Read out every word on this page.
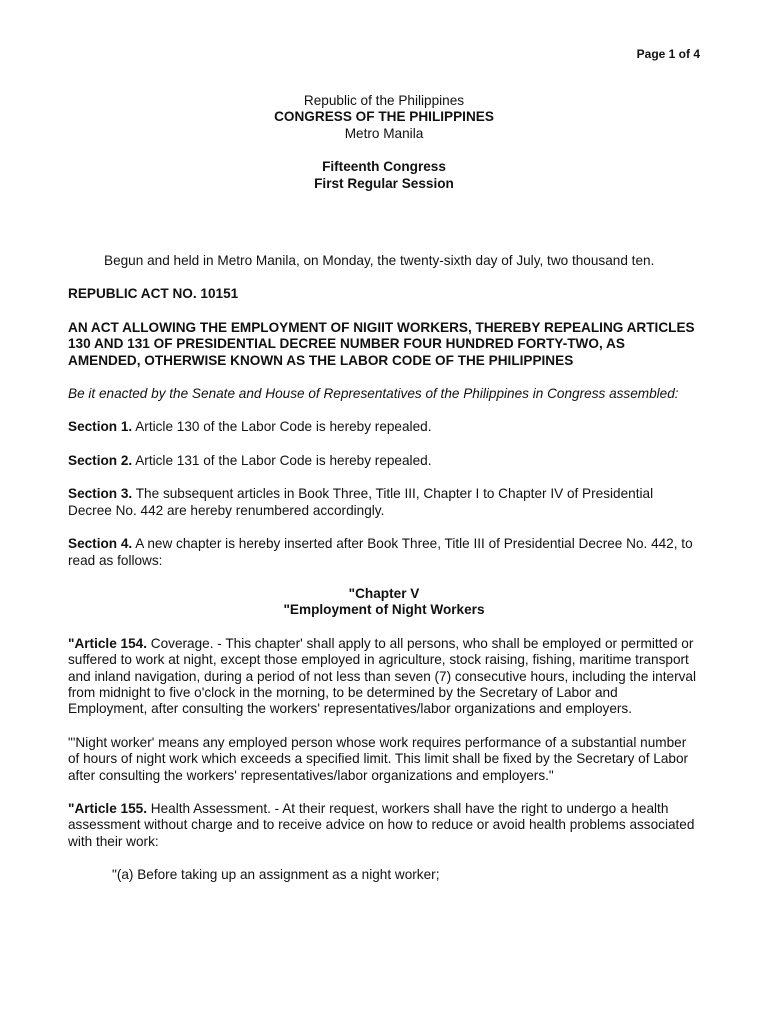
Page 1 of 4

Republic of the Philippines

CONGRESS OF THE PHILIPPINES

Metro Manila

Fifteenth Congress

First Regular Session

Begun and held in Metro Manila, on Monday, the twenty-sixth day of July, two thousand ten.

REPUBLIC ACT NO. 10151

AN ACT ALLOWING THE EMPLOYMENT OF NIGIIT WORKERS, THEREBY REPEALING ARTICLES 130 AND 131 OF PRESIDENTIAL DECREE NUMBER FOUR HUNDRED FORTY-TWO, AS AMENDED, OTHERWISE KNOWN AS THE LABOR CODE OF THE PHILIPPINES

Be it enacted by the Senate and House of Representatives of the Philippines in Congress assembled:

Section 1. Article 130 of the Labor Code is hereby repealed.

Section 2. Article 131 of the Labor Code is hereby repealed.

Section 3. The subsequent articles in Book Three, Title III, Chapter I to Chapter IV of Presidential Decree No. 442 are hereby renumbered accordingly.

Section 4. A new chapter is hereby inserted after Book Three, Title III of Presidential Decree No. 442, to read as follows:

"Chapter V

"Employment of Night Workers

"Article 154. Coverage. - This chapter' shall apply to all persons, who shall be employed or permitted or suffered to work at night, except those employed in agriculture, stock raising, fishing, maritime transport and inland navigation, during a period of not less than seven (7) consecutive hours, including the interval from midnight to five o'clock in the morning, to be determined by the Secretary of Labor and Employment, after consulting the workers' representatives/labor organizations and employers.

"'Night worker' means any employed person whose work requires performance of a substantial number of hours of night work which exceeds a specified limit. This limit shall be fixed by the Secretary of Labor after consulting the workers' representatives/labor organizations and employers."

"Article 155. Health Assessment. - At their request, workers shall have the right to undergo a health assessment without charge and to receive advice on how to reduce or avoid health problems associated with their work:

"(a) Before taking up an assignment as a night worker;
